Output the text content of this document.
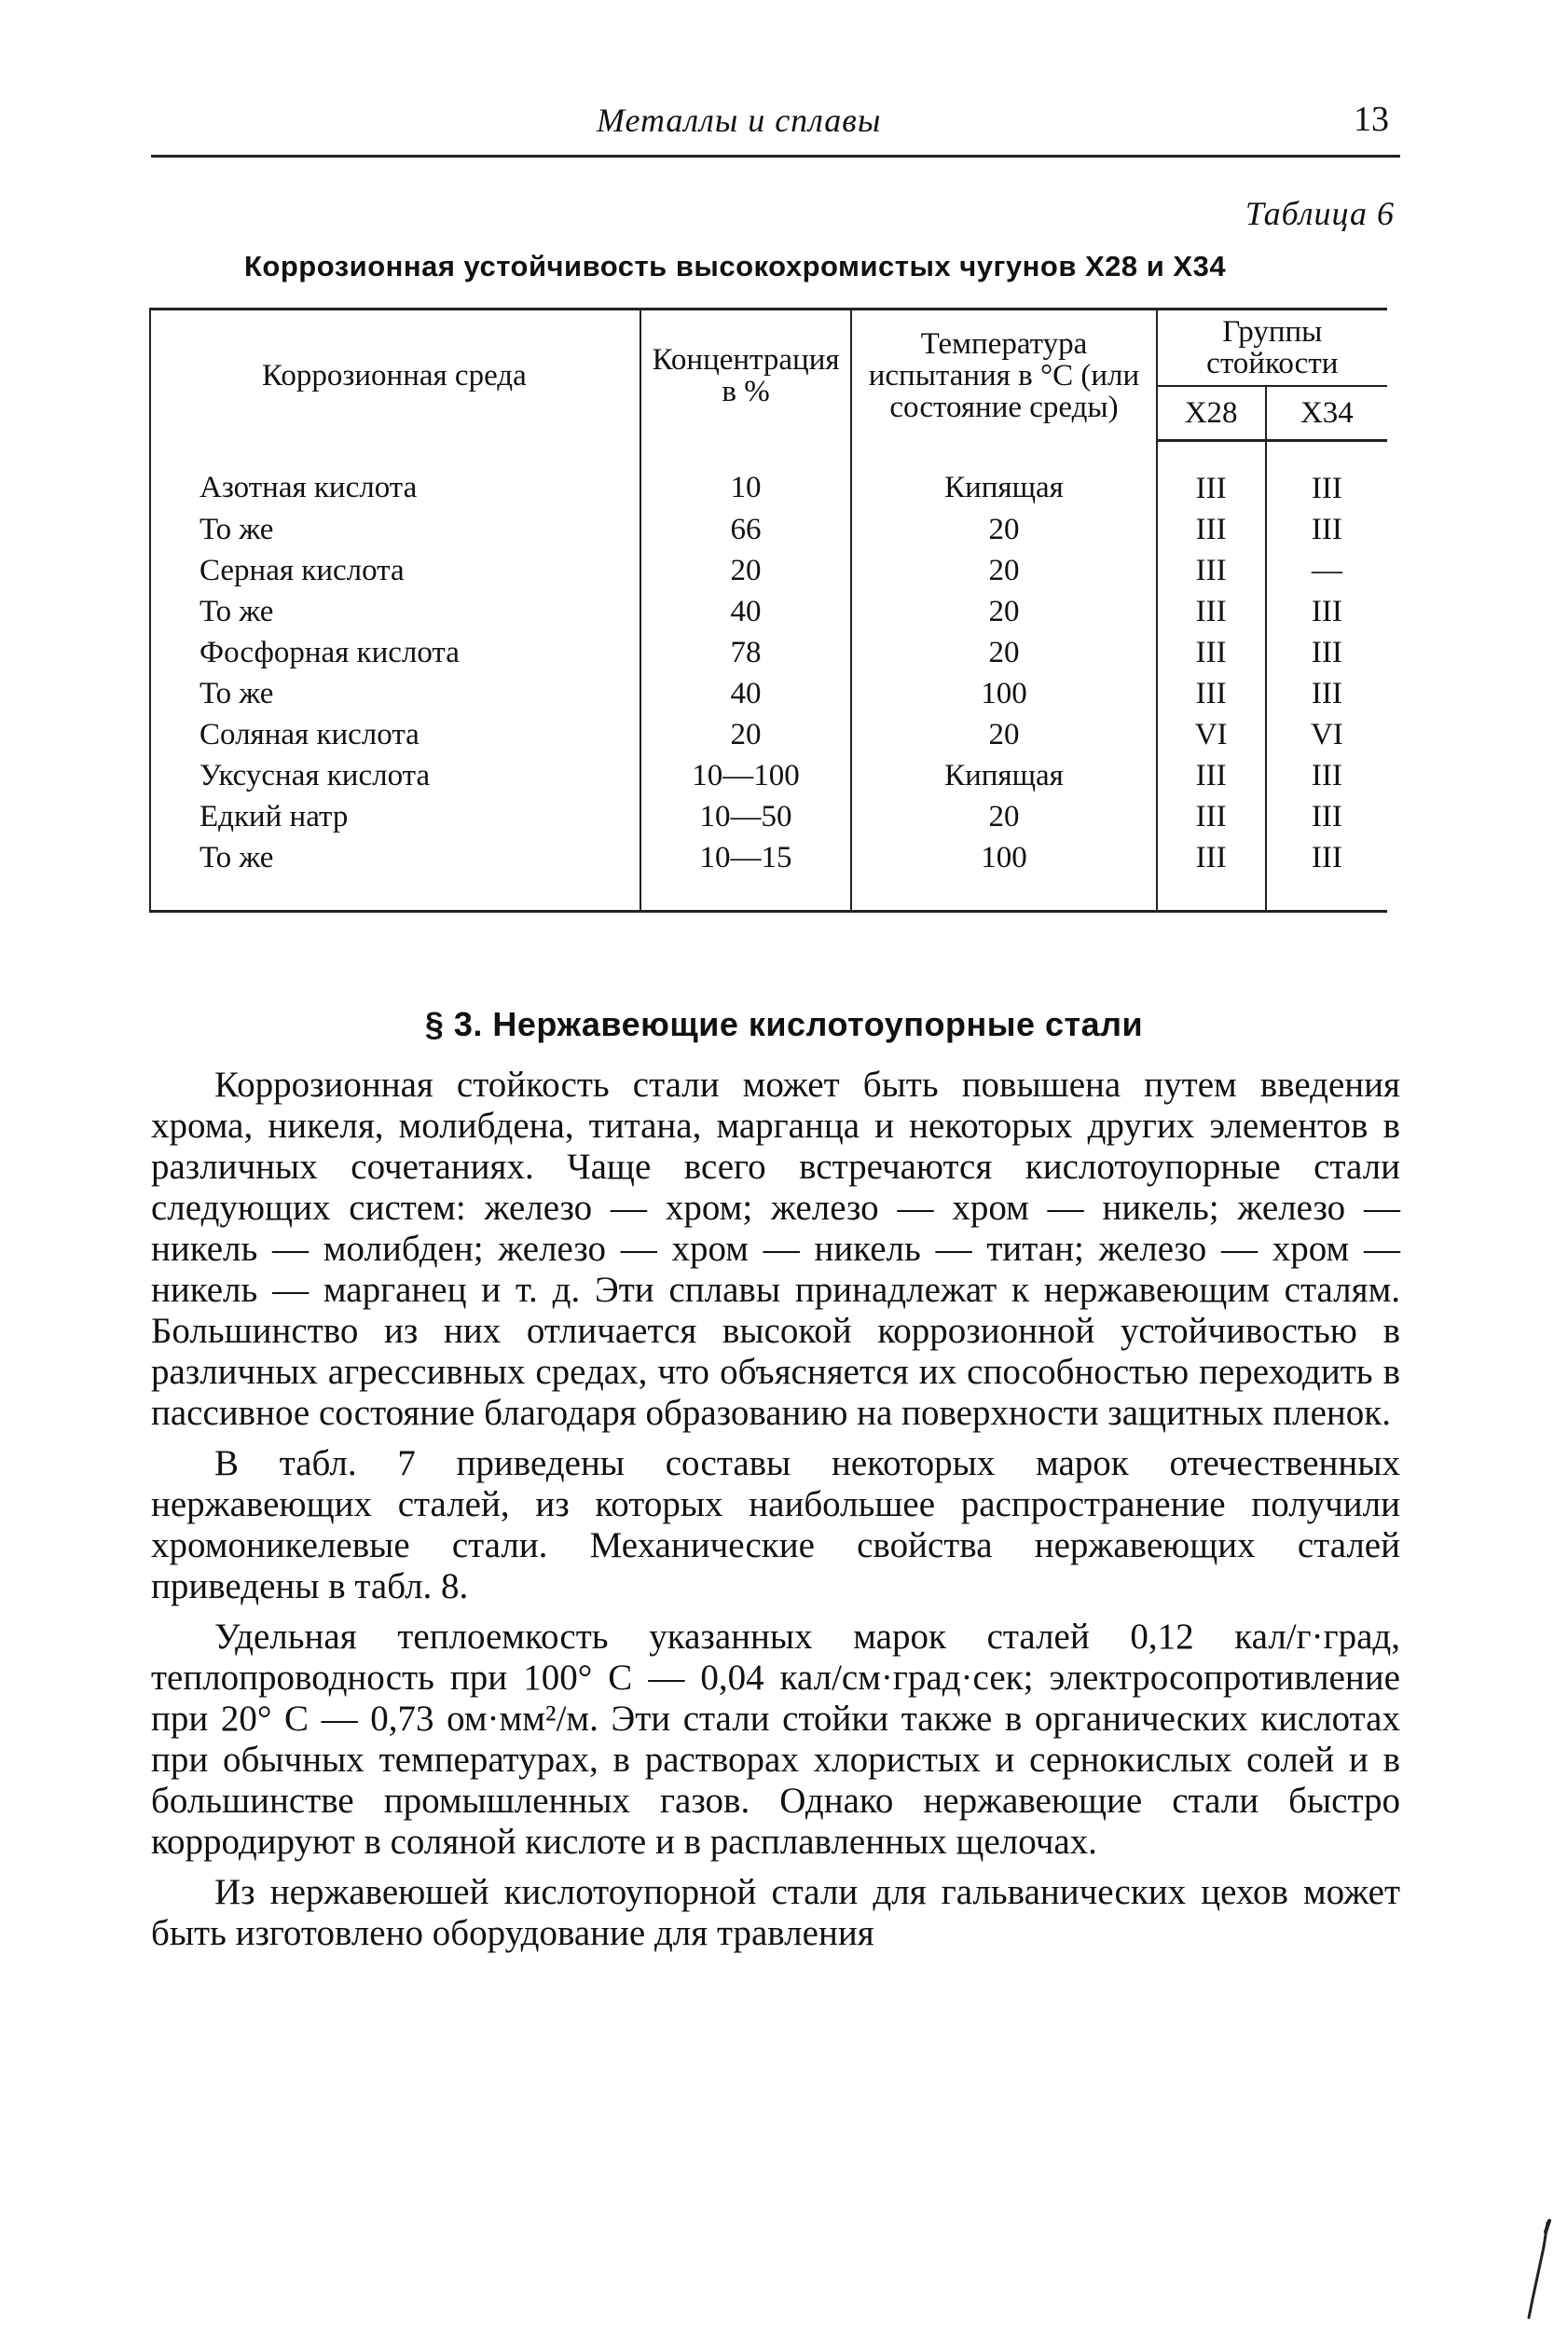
Металлы и сплавы	13
Таблица 6
Коррозионная устойчивость высокохромистых чугунов Х28 и Х34
Коррозионная среда	Концентрация в %	Температура испытания в °С (или состояние среды)	Группы стойкости	
			Х28	Х34
Азотная кислота	10	Кипящая	III	III
То же	66	20	III	III
Серная кислота	20	20	III	—
То же	40	20	III	III
Фосфорная кислота	78	20	III	III
То же	40	100	III	III
Соляная кислота	20	20	VI	VI
Уксусная кислота	10—100	Кипящая	III	III
Едкий натр	10—50	20	III	III
То же	10—15	100	III	III
§ 3. Нержавеющие кислотоупорные стали

Коррозионная стойкость стали может быть повышена путем введения хрома, никеля, молибдена, титана, марганца и некоторых других элементов в различных сочетаниях. Чаще всего встречаются кислотоупорные стали следующих систем: железо — хром; железо — хром — никель; железо — никель — молибден; железо — хром — никель — титан; железо — хром — никель — марганец и т. д. Эти сплавы принадлежат к нержавеющим сталям. Большинство из них отличается высокой коррозионной устойчивостью в различных агрессивных средах, что объясняется их способностью переходить в пассивное состояние благодаря образованию на поверхности защитных пленок.

В табл. 7 приведены составы некоторых марок отечественных нержавеющих сталей, из которых наибольшее распространение получили хромоникелевые стали. Механические свойства нержавеющих сталей приведены в табл. 8.

Удельная теплоемкость указанных марок сталей 0,12 кал/г·град, теплопроводность при 100° С — 0,04 кал/см·град·сек; электросопротивление при 20° С — 0,73 ом·мм²/м. Эти стали стойки также в органических кислотах при обычных температурах, в растворах хлористых и сернокислых солей и в большинстве промышленных газов. Однако нержавеющие стали быстро корродируют в соляной кислоте и в расплавленных щелочах.

Из нержавеюшей кислотоупорной стали для гальванических цехов может быть изготовлено оборудование для травления
